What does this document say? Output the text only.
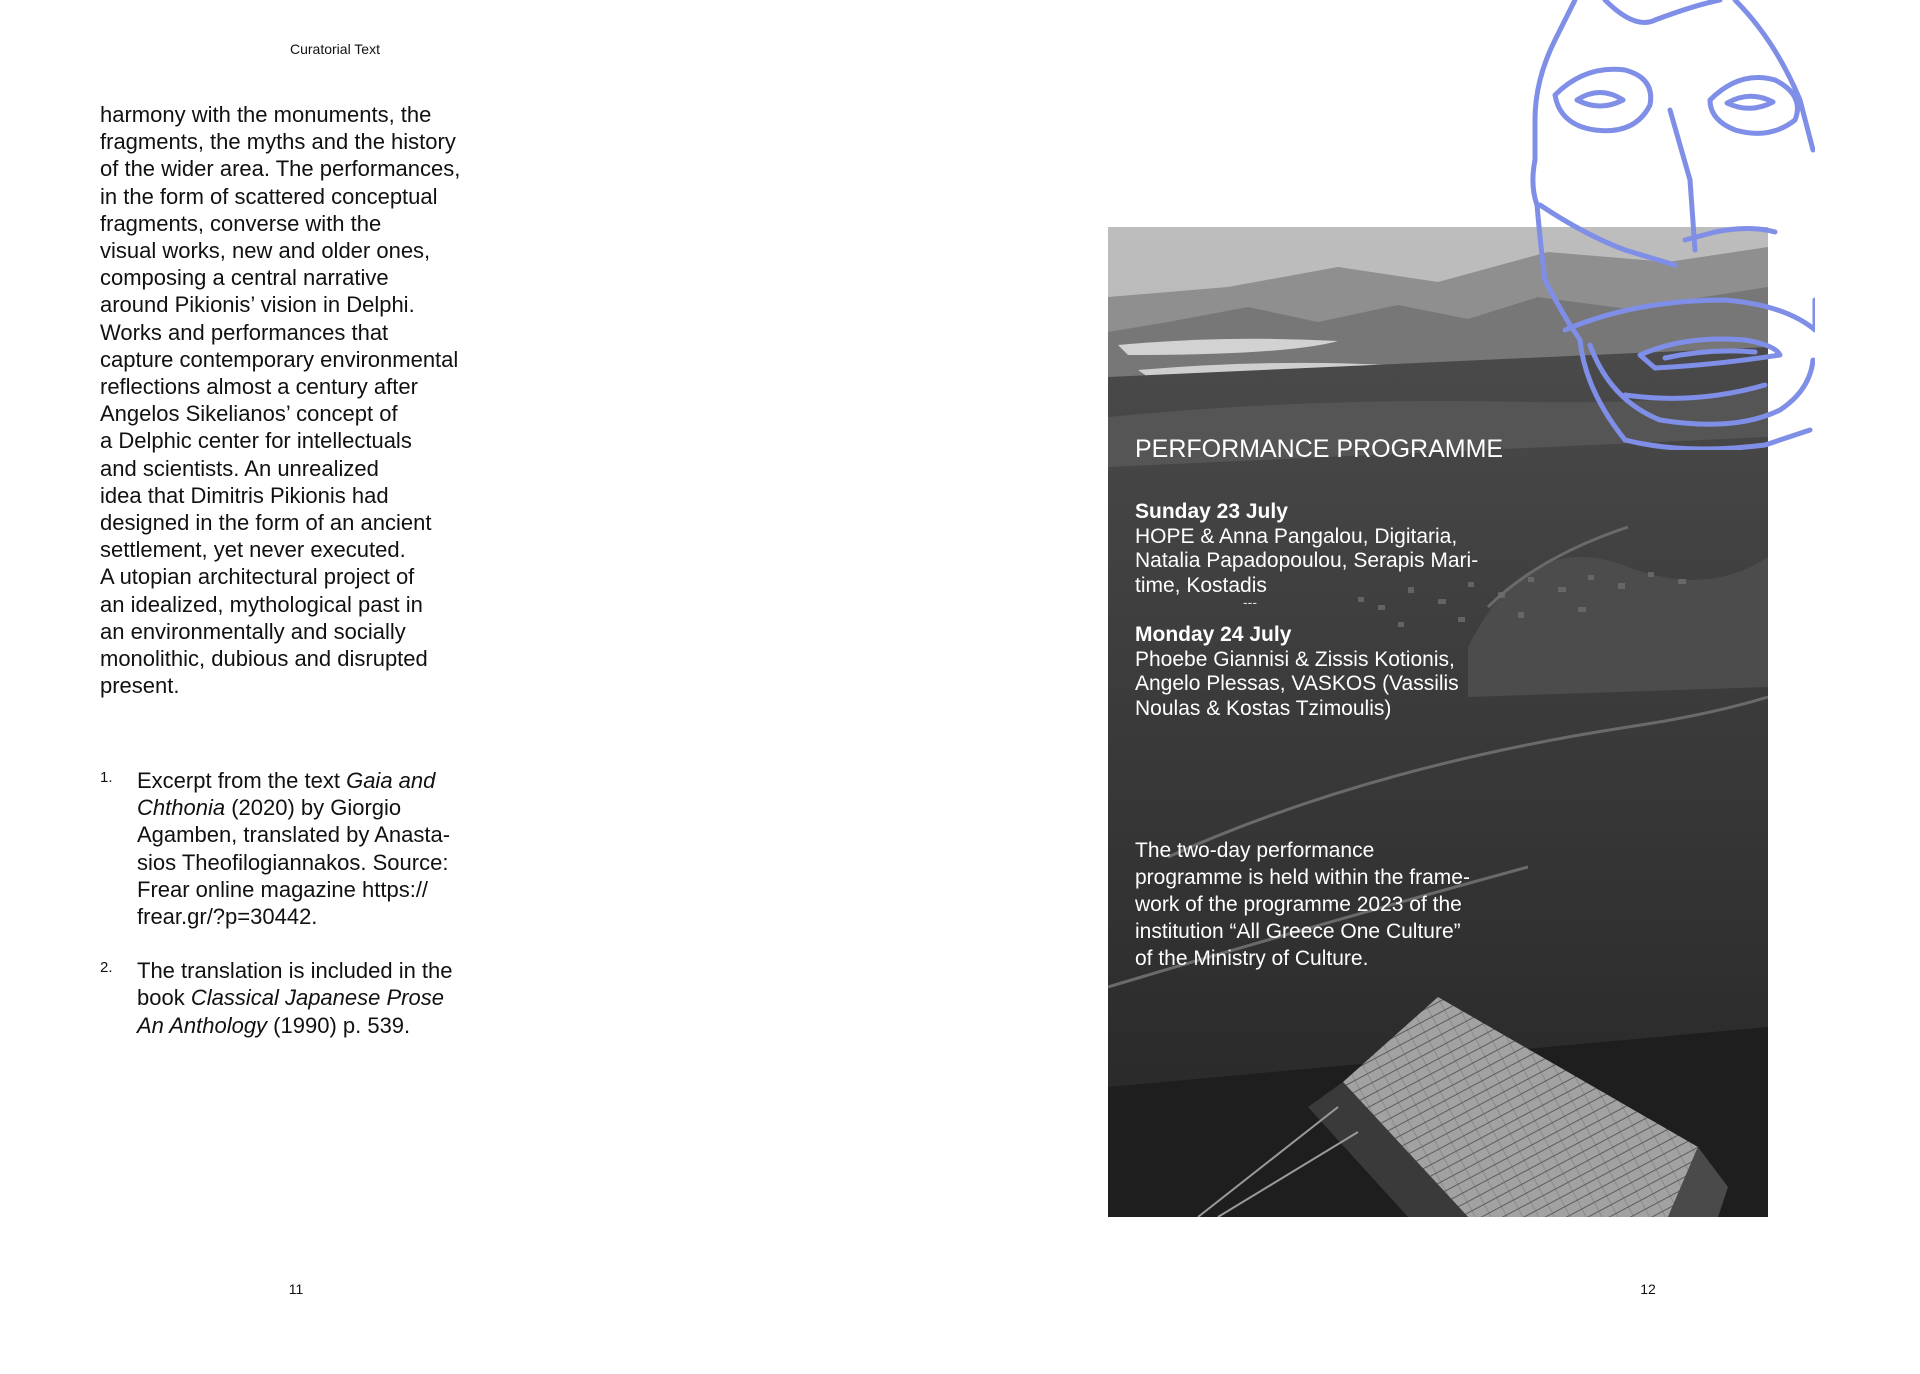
Curatorial Text
harmony with the monuments, the
fragments, the myths and the history
of the wider area. The performances,
in the form of scattered conceptual
fragments, converse with the
visual works, new and older ones,
composing a central narrative
around Pikionis’ vision in Delphi.
Works and performances that
capture contemporary environmental
reflections almost a century after
Angelos Sikelianos’ concept of
a Delphic center for intellectuals
and scientists. An unrealized
idea that Dimitris Pikionis had
designed in the form of an ancient
settlement, yet never executed.
A utopian architectural project of
an idealized, mythological past in
an environmentally and socially
monolithic, dubious and disrupted
present.
1. Excerpt from the text Gaia and
Chthonia (2020) by Giorgio
Agamben, translated by Anasta-
sios Theofilogiannakos. Source:
Frear online magazine https://
frear.gr/?p=30442.
2. The translation is included in the
book Classical Japanese Prose
An Anthology (1990) p. 539.
11	12
PERFORMANCE PROGRAMME
Sunday 23 July
HOPE & Anna Pangalou, Digitaria,
Natalia Papadopoulou, Serapis Mari-
time, Kostadis
---
Monday 24 July
Phoebe Giannisi & Zissis Kotionis,
Angelo Plessas, VASKOS (Vassilis
Noulas & Kostas Tzimoulis)
The two-day performance
programme is held within the frame-
work of the programme 2023 of the
institution “All Greece One Culture”
of the Ministry of Culture.
